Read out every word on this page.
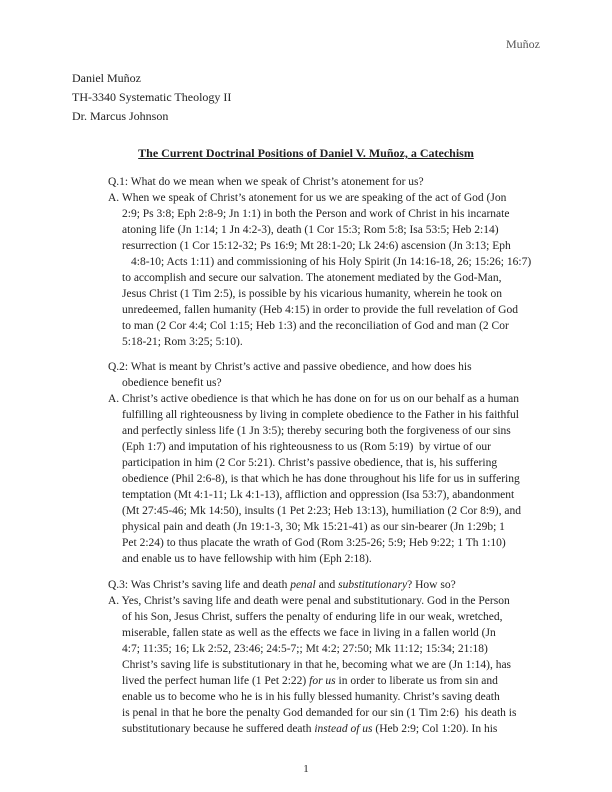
Muñoz
Daniel Muñoz
TH-3340 Systematic Theology II
Dr. Marcus Johnson
The Current Doctrinal Positions of Daniel V. Muñoz, a Catechism
Q.1: What do we mean when we speak of Christ’s atonement for us?
A. When we speak of Christ’s atonement for us we are speaking of the act of God (Jon
2:9; Ps 3:8; Eph 2:8-9; Jn 1:1) in both the Person and work of Christ in his incarnate
atoning life (Jn 1:14; 1 Jn 4:2-3), death (1 Cor 15:3; Rom 5:8; Isa 53:5; Heb 2:14)
resurrection (1 Cor 15:12-32; Ps 16:9; Mt 28:1-20; Lk 24:6) ascension (Jn 3:13; Eph
4:8-10; Acts 1:11) and commissioning of his Holy Spirit (Jn 14:16-18, 26; 15:26; 16:7)
to accomplish and secure our salvation. The atonement mediated by the God-Man,
Jesus Christ (1 Tim 2:5), is possible by his vicarious humanity, wherein he took on
unredeemed, fallen humanity (Heb 4:15) in order to provide the full revelation of God
to man (2 Cor 4:4; Col 1:15; Heb 1:3) and the reconciliation of God and man (2 Cor
5:18-21; Rom 3:25; 5:10).
Q.2: What is meant by Christ’s active and passive obedience, and how does his
obedience benefit us?
A. Christ’s active obedience is that which he has done on for us on our behalf as a human
fulfilling all righteousness by living in complete obedience to the Father in his faithful
and perfectly sinless life (1 Jn 3:5); thereby securing both the forgiveness of our sins
(Eph 1:7) and imputation of his righteousness to us (Rom 5:19)  by virtue of our
participation in him (2 Cor 5:21). Christ’s passive obedience, that is, his suffering
obedience (Phil 2:6-8), is that which he has done throughout his life for us in suffering
temptation (Mt 4:1-11; Lk 4:1-13), affliction and oppression (Isa 53:7), abandonment
(Mt 27:45-46; Mk 14:50), insults (1 Pet 2:23; Heb 13:13), humiliation (2 Cor 8:9), and
physical pain and death (Jn 19:1-3, 30; Mk 15:21-41) as our sin-bearer (Jn 1:29b; 1
Pet 2:24) to thus placate the wrath of God (Rom 3:25-26; 5:9; Heb 9:22; 1 Th 1:10)
and enable us to have fellowship with him (Eph 2:18).
Q.3: Was Christ’s saving life and death penal and substitutionary? How so?
A. Yes, Christ’s saving life and death were penal and substitutionary. God in the Person
of his Son, Jesus Christ, suffers the penalty of enduring life in our weak, wretched,
miserable, fallen state as well as the effects we face in living in a fallen world (Jn
4:7; 11:35; 16; Lk 2:52, 23:46; 24:5-7;; Mt 4:2; 27:50; Mk 11:12; 15:34; 21:18)
Christ’s saving life is substitutionary in that he, becoming what we are (Jn 1:14), has
lived the perfect human life (1 Pet 2:22) for us in order to liberate us from sin and
enable us to become who he is in his fully blessed humanity. Christ’s saving death
is penal in that he bore the penalty God demanded for our sin (1 Tim 2:6)  his death is
substitutionary because he suffered death instead of us (Heb 2:9; Col 1:20). In his
1
